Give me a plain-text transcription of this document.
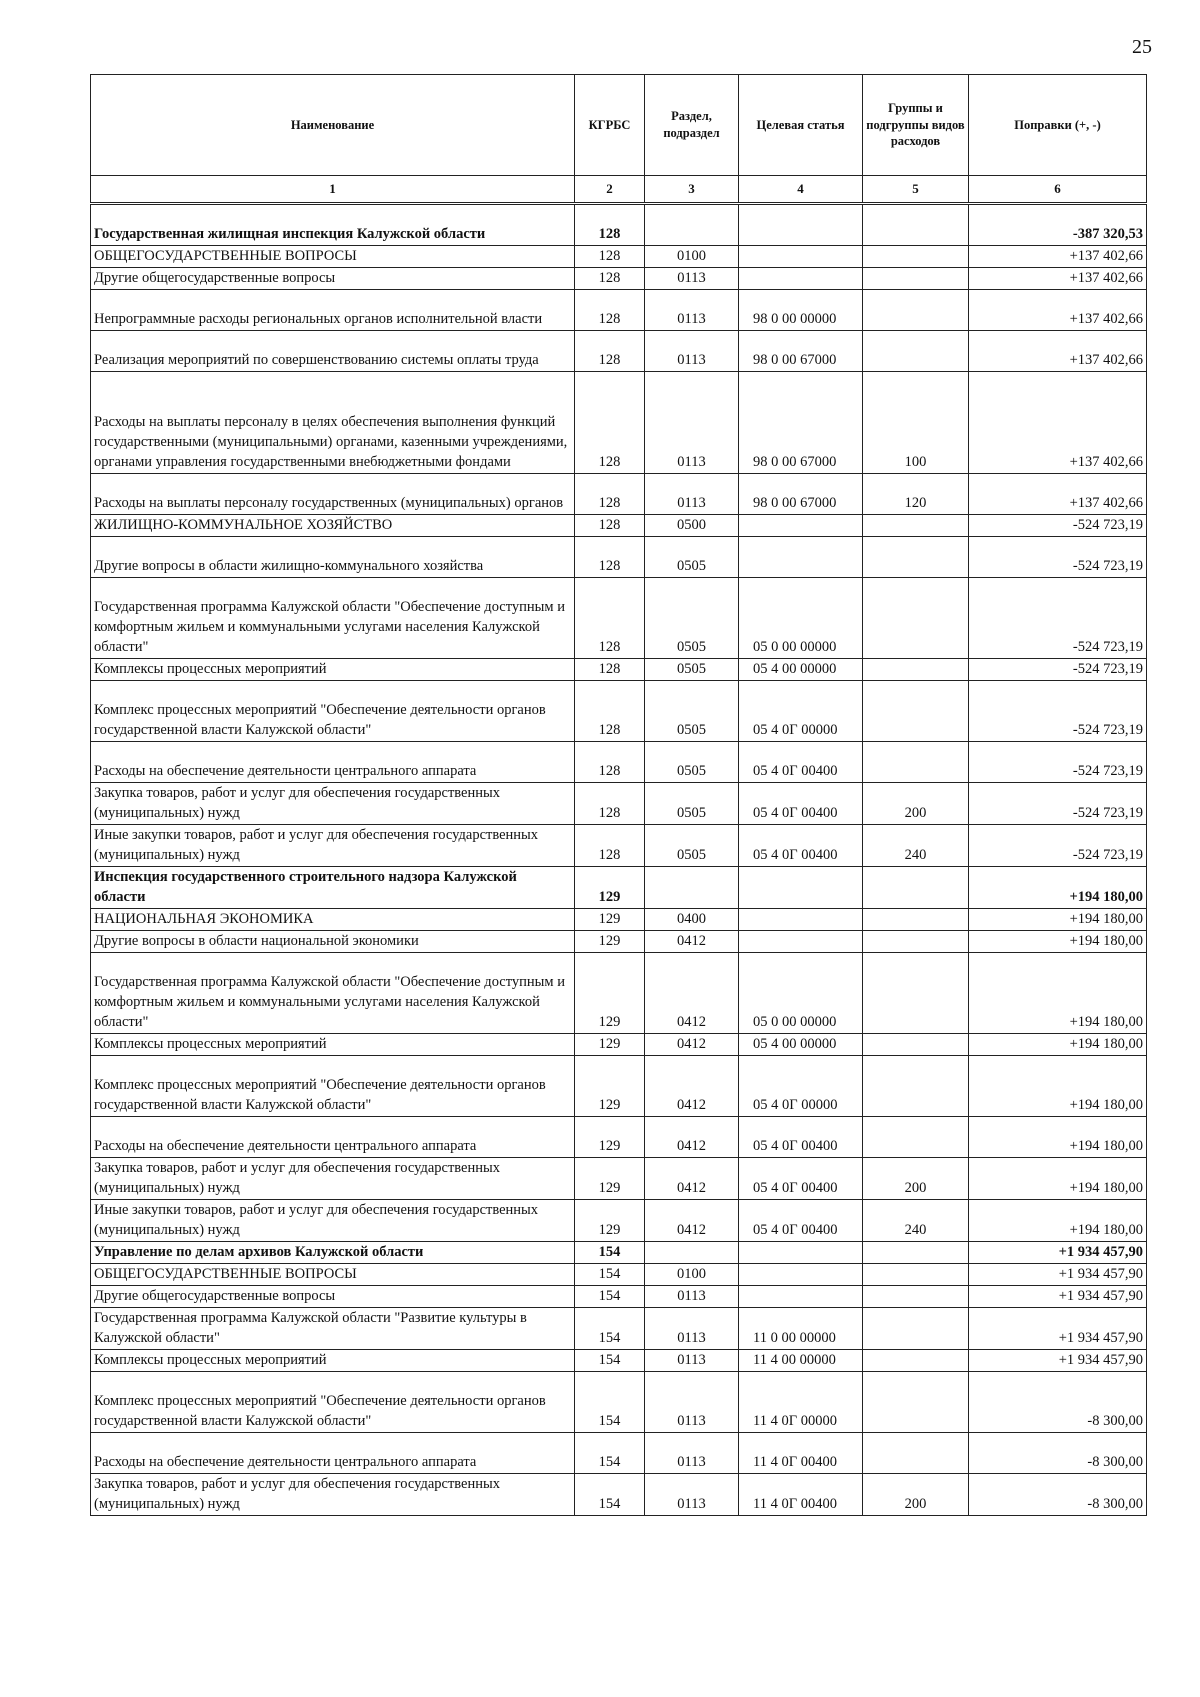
25
Наименование	КГРБС	Раздел, подраздел	Целевая статья	Группы и подгруппы видов расходов	Поправки (+, -)
1	2	3	4	5	6
Государственная жилищная инспекция Калужской области	128				-387 320,53
ОБЩЕГОСУДАРСТВЕННЫЕ ВОПРОСЫ	128	0100			+137 402,66
Другие общегосударственные вопросы	128	0113			+137 402,66
Непрограммные расходы региональных органов исполнительной власти	128	0113	98 0 00 00000		+137 402,66
Реализация мероприятий по совершенствованию системы оплаты труда	128	0113	98 0 00 67000		+137 402,66
Расходы на выплаты персоналу в целях обеспечения выполнения функций государственными (муниципальными) органами, казенными учреждениями, органами управления государственными внебюджетными фондами	128	0113	98 0 00 67000	100	+137 402,66
Расходы на выплаты персоналу государственных (муниципальных) органов	128	0113	98 0 00 67000	120	+137 402,66
ЖИЛИЩНО-КОММУНАЛЬНОЕ ХОЗЯЙСТВО	128	0500			-524 723,19
Другие вопросы в области жилищно-коммунального хозяйства	128	0505			-524 723,19
Государственная программа Калужской области "Обеспечение доступным и комфортным жильем и коммунальными услугами населения Калужской области"	128	0505	05 0 00 00000		-524 723,19
Комплексы процессных мероприятий	128	0505	05 4 00 00000		-524 723,19
Комплекс процессных мероприятий "Обеспечение деятельности органов государственной власти Калужской области"	128	0505	05 4 0Г 00000		-524 723,19
Расходы на обеспечение деятельности центрального аппарата	128	0505	05 4 0Г 00400		-524 723,19
Закупка товаров, работ и услуг для обеспечения государственных (муниципальных) нужд	128	0505	05 4 0Г 00400	200	-524 723,19
Иные закупки товаров, работ и услуг для обеспечения государственных (муниципальных) нужд	128	0505	05 4 0Г 00400	240	-524 723,19
Инспекция государственного строительного надзора Калужской области	129				+194 180,00
НАЦИОНАЛЬНАЯ ЭКОНОМИКА	129	0400			+194 180,00
Другие вопросы в области национальной экономики	129	0412			+194 180,00
Государственная программа Калужской области "Обеспечение доступным и комфортным жильем и коммунальными услугами населения Калужской области"	129	0412	05 0 00 00000		+194 180,00
Комплексы процессных мероприятий	129	0412	05 4 00 00000		+194 180,00
Комплекс процессных мероприятий "Обеспечение деятельности органов государственной власти Калужской области"	129	0412	05 4 0Г 00000		+194 180,00
Расходы на обеспечение деятельности центрального аппарата	129	0412	05 4 0Г 00400		+194 180,00
Закупка товаров, работ и услуг для обеспечения государственных (муниципальных) нужд	129	0412	05 4 0Г 00400	200	+194 180,00
Иные закупки товаров, работ и услуг для обеспечения государственных (муниципальных) нужд	129	0412	05 4 0Г 00400	240	+194 180,00
Управление по делам архивов Калужской области	154				+1 934 457,90
ОБЩЕГОСУДАРСТВЕННЫЕ ВОПРОСЫ	154	0100			+1 934 457,90
Другие общегосударственные вопросы	154	0113			+1 934 457,90
Государственная программа Калужской области "Развитие культуры в Калужской области"	154	0113	11 0 00 00000		+1 934 457,90
Комплексы процессных мероприятий	154	0113	11 4 00 00000		+1 934 457,90
Комплекс процессных мероприятий "Обеспечение деятельности органов государственной власти Калужской области"	154	0113	11 4 0Г 00000		-8 300,00
Расходы на обеспечение деятельности центрального аппарата	154	0113	11 4 0Г 00400		-8 300,00
Закупка товаров, работ и услуг для обеспечения государственных (муниципальных) нужд	154	0113	11 4 0Г 00400	200	-8 300,00
